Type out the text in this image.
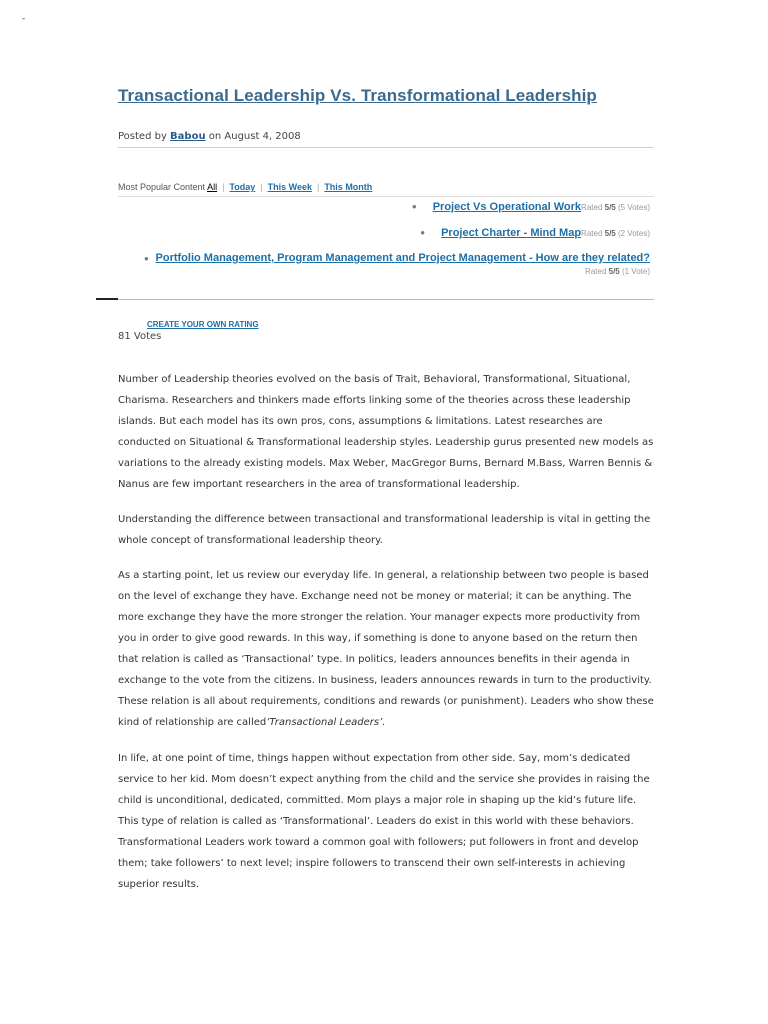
-
Transactional Leadership Vs. Transformational Leadership
Posted by Babou on August 4, 2008
Most Popular Content All | Today | This Week | This Month
● Project Vs Operational WorkRated 5/5 (5 Votes)
● Project Charter - Mind MapRated 5/5 (2 Votes)
● Portfolio Management, Program Management and Project Management - How are they related?Rated 5/5 (1 Vote)
CREATE YOUR OWN RATING
81 Votes

Number of Leadership theories evolved on the basis of Trait, Behavioral, Transformational, Situational, Charisma. Researchers and thinkers made efforts linking some of the theories across these leadership islands. But each model has its own pros, cons, assumptions & limitations. Latest researches are conducted on Situational & Transformational leadership styles. Leadership gurus presented new models as variations to the already existing models. Max Weber, MacGregor Burns, Bernard M.Bass, Warren Bennis & Nanus are few important researchers in the area of transformational leadership.

Understanding the difference between transactional and transformational leadership is vital in getting the whole concept of transformational leadership theory.

As a starting point, let us review our everyday life. In general, a relationship between two people is based on the level of exchange they have. Exchange need not be money or material; it can be anything. The more exchange they have the more stronger the relation. Your manager expects more productivity from you in order to give good rewards. In this way, if something is done to anyone based on the return then that relation is called as ‘Transactional’ type. In politics, leaders announces benefits in their agenda in exchange to the vote from the citizens. In business, leaders announces rewards in turn to the productivity. These relation is all about requirements, conditions and rewards (or punishment). Leaders who show these kind of relationship are called‘Transactional Leaders’.

In life, at one point of time, things happen without expectation from other side. Say, mom’s dedicated service to her kid. Mom doesn’t expect anything from the child and the service she provides in raising the child is unconditional, dedicated, committed. Mom plays a major role in shaping up the kid’s future life. This type of relation is called as ‘Transformational’. Leaders do exist in this world with these behaviors. Transformational Leaders work toward a common goal with followers; put followers in front and develop them; take followers’ to next level; inspire followers to transcend their own self-interests in achieving superior results.
